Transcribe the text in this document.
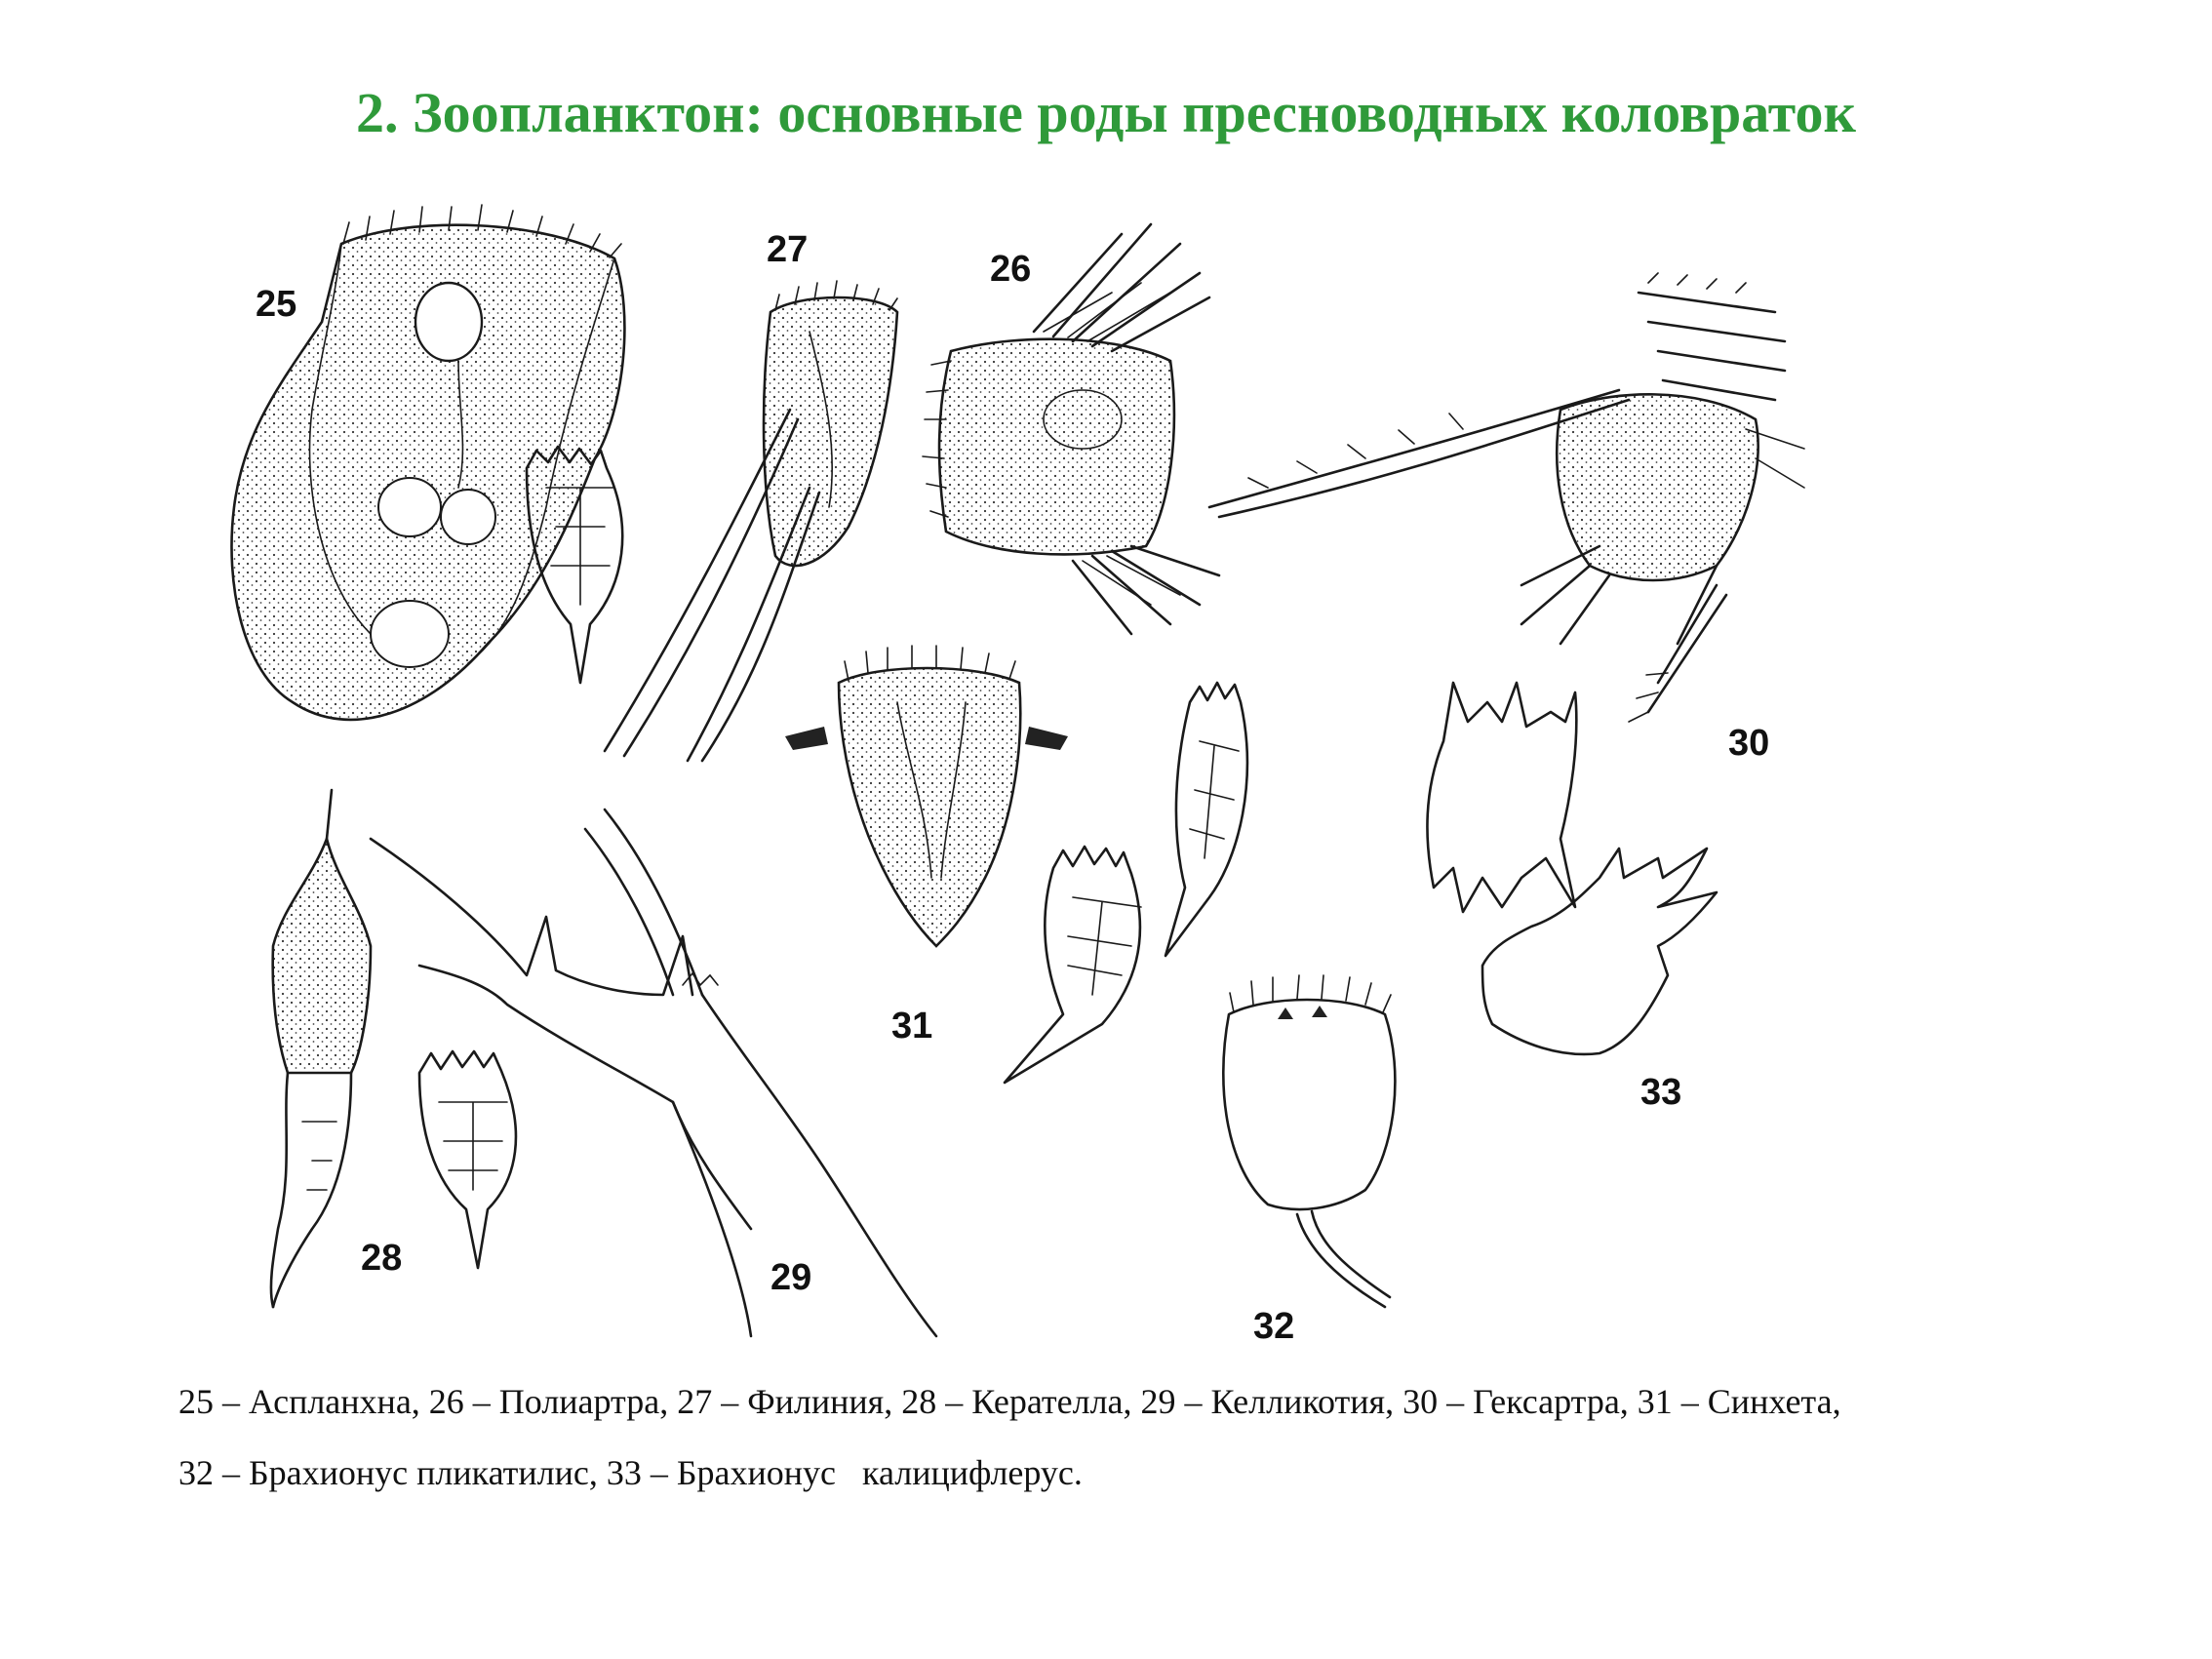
2. Зоопланктон: основные роды пресноводных коловраток
25
27	26
30
31
28	29
33
32
25 – Аспланхна, 26 – Полиартра, 27 – Филиния, 28 – Керателла, 29 – Келликотия, 30 – Гексартра, 31 – Синхета,
32 – Брахионус пликатилис, 33 – Брахионус   калицифлерус.
